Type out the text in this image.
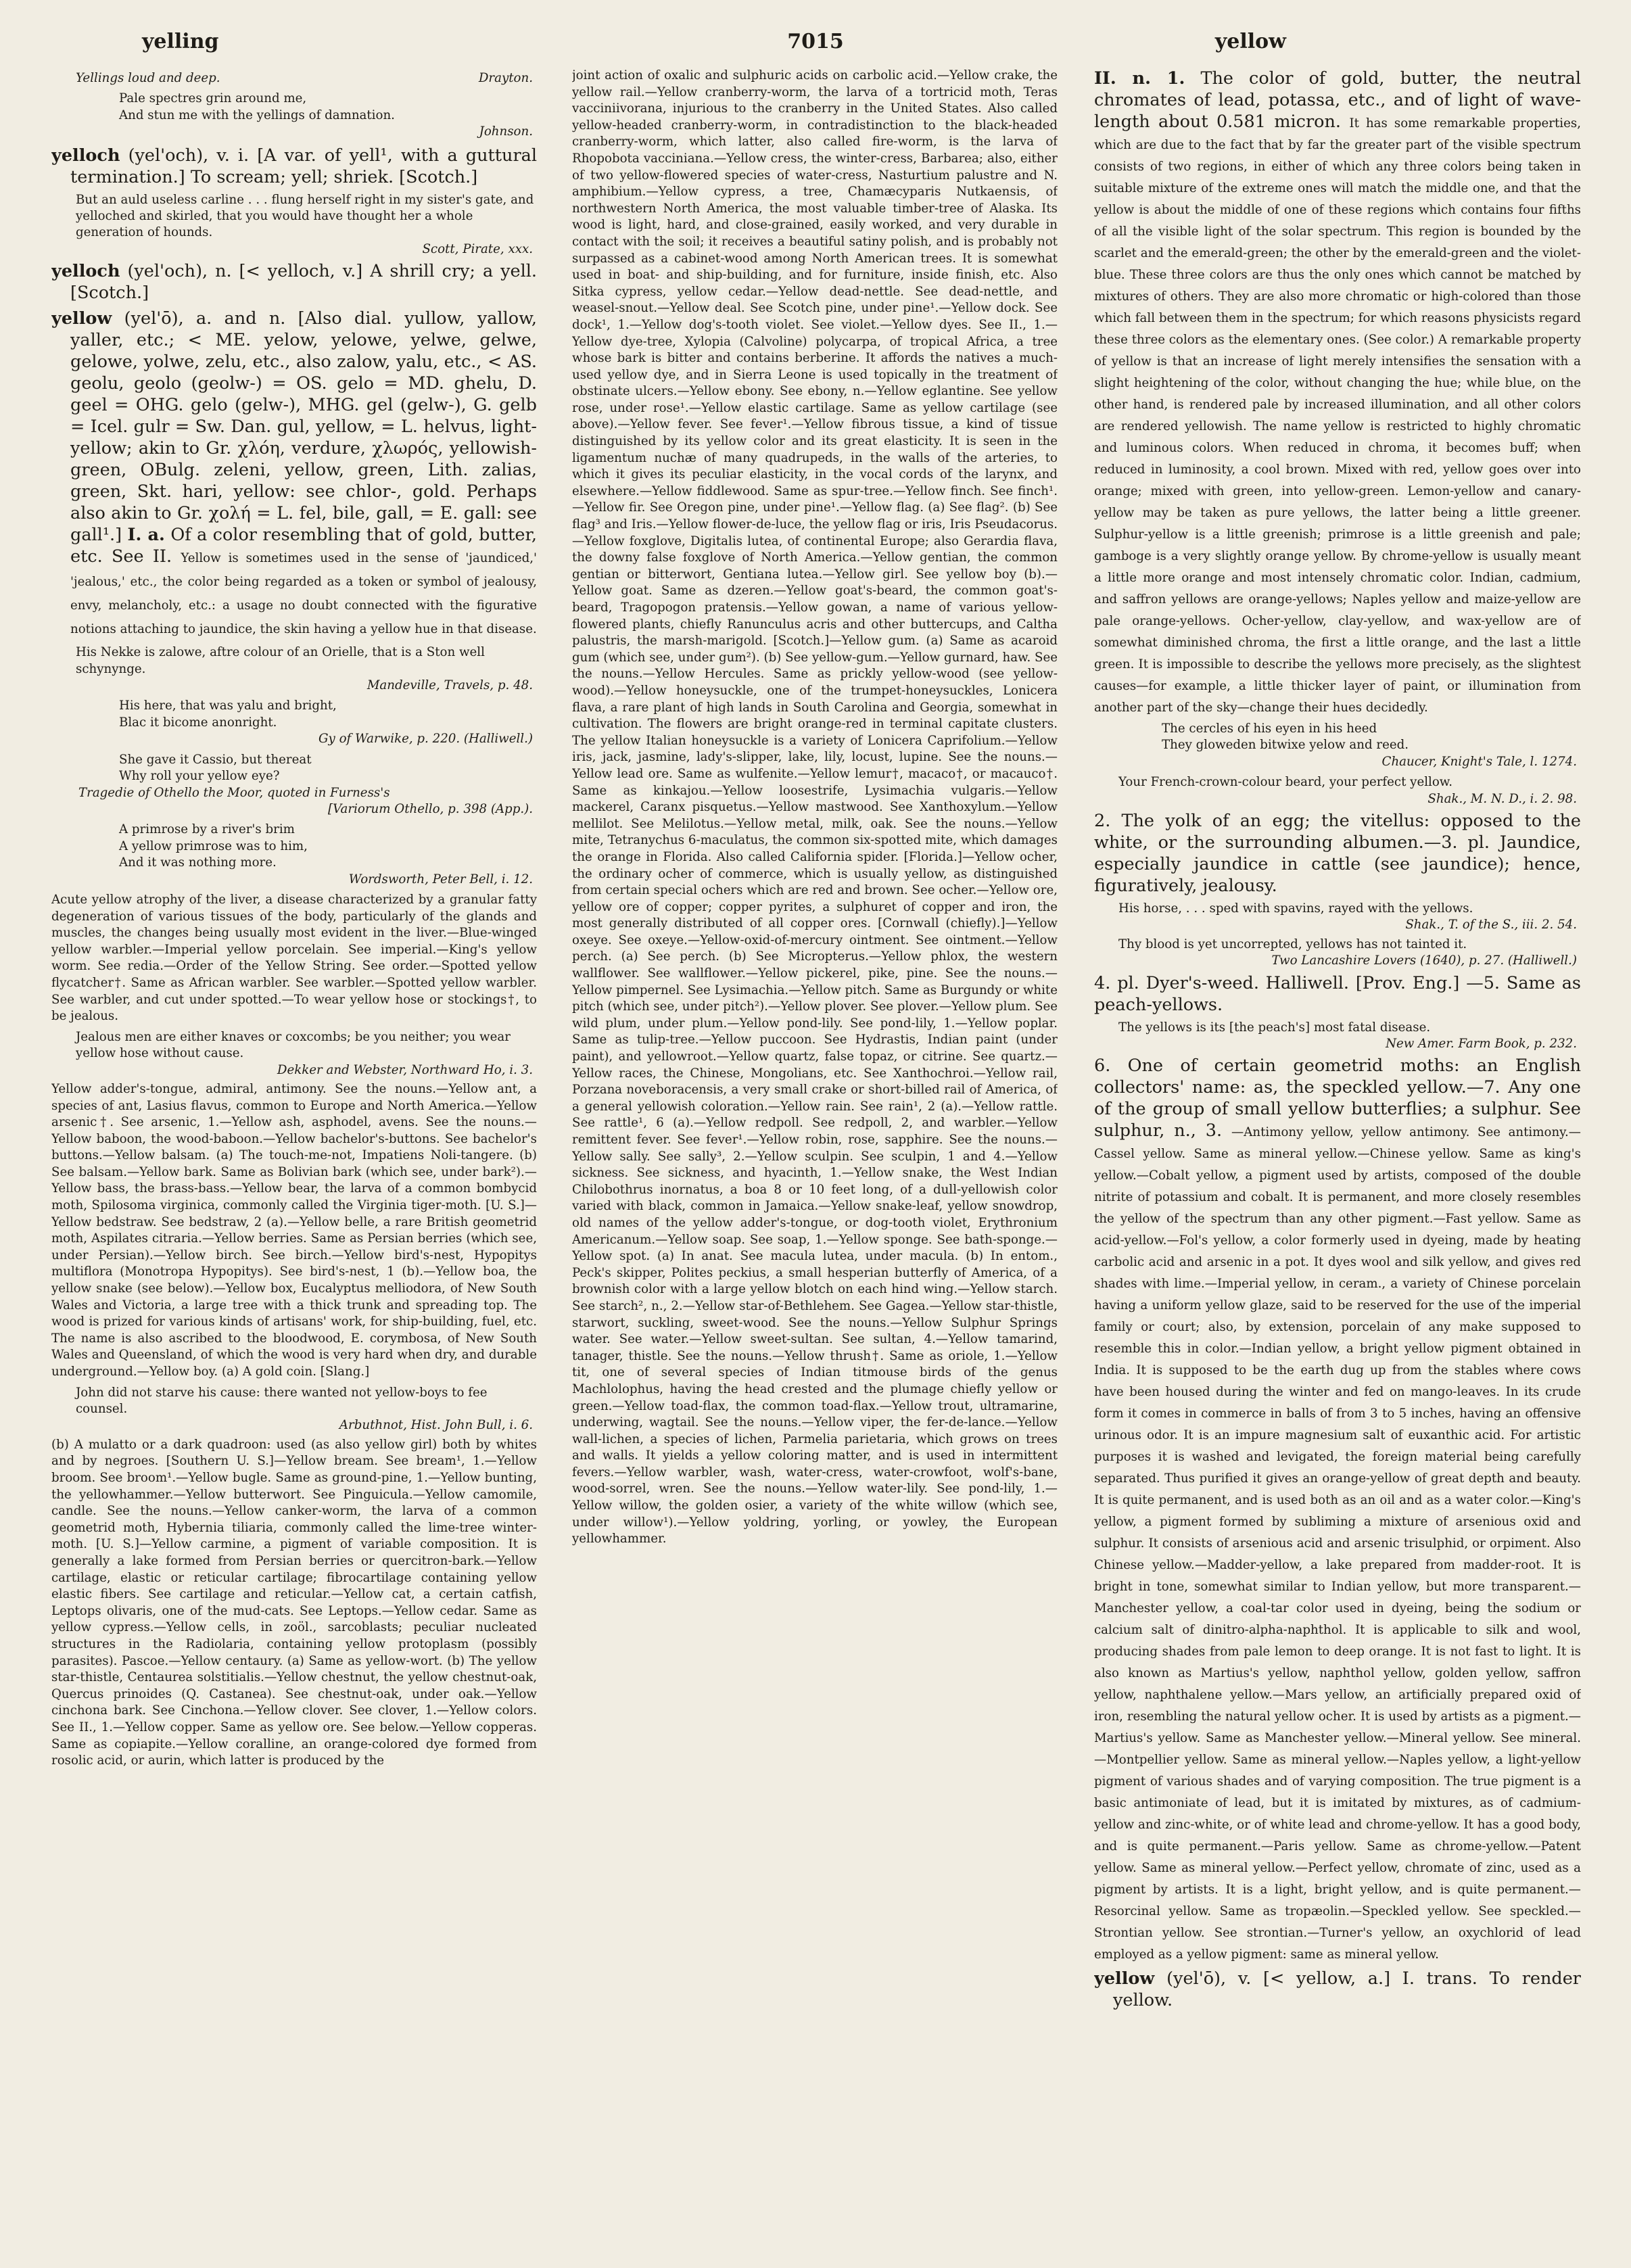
yelling	7015	yellow
Yellings loud and deep.	Drayton.
Pale spectres grin around me,
And stun me with the yellings of damnation.
Johnson.

yelloch (yel'och), v. i. [A var. of yell¹, with a guttural termination.] To scream; yell; shriek. [Scotch.]

But an auld useless carline . . . flung herself right in my sister's gate, and yelloched and skirled, that you would have thought her a whole generation of hounds.
Scott, Pirate, xxx.

yelloch (yel'och), n. [< yelloch, v.] A shrill cry; a yell. [Scotch.]

yellow (yel'ō), a. and n. [Also dial. yullow, yallow, yaller, etc.; < ME. yelow, yelowe, yelwe, gelwe, gelowe, yolwe, zelu, etc., also zalow, yalu, etc., < AS. geolu, geolo (geolw-) = OS. gelo = MD. ghelu, D. geel = OHG. gelo (gelw-), MHG. gel (gelw-), G. gelb = Icel. gulr = Sw. Dan. gul, yellow, = L. helvus, light-yellow; akin to Gr. χλόη, verdure, χλωρός, yellowish-green, OBulg. zeleni, yellow, green, Lith. zalias, green, Skt. hari, yellow: see chlor-, gold. Perhaps also akin to Gr. χολή = L. fel, bile, gall, = E. gall: see gall¹.] I. a. Of a color resembling that of gold, butter, etc. See II. Yellow is sometimes used in the sense of 'jaundiced,' 'jealous,' etc., the color being regarded as a token or symbol of jealousy, envy, melancholy, etc.: a usage no doubt connected with the figurative notions attaching to jaundice, the skin having a yellow hue in that disease.

His Nekke is zalowe, aftre colour of an Orielle, that is a Ston well schynynge.
Mandeville, Travels, p. 48.
His here, that was yalu and bright,
Blac it bicome anonright.
Gy of Warwike, p. 220. (Halliwell.)
She gave it Cassio, but thereat
Why roll your yellow eye?
Tragedie of Othello the Moor, quoted in Furness's
[Variorum Othello, p. 398 (App.).
A primrose by a river's brim
A yellow primrose was to him,
And it was nothing more.
Wordsworth, Peter Bell, i. 12.

Acute yellow atrophy of the liver, a disease characterized by a granular fatty degeneration of various tissues of the body, particularly of the glands and muscles, the changes being usually most evident in the liver.—Blue-winged yellow warbler.—Imperial yellow porcelain. See imperial.—King's yellow worm. See redia.—Order of the Yellow String. See order.—Spotted yellow flycatcher†. Same as African warbler. See warbler.—Spotted yellow warbler. See warbler, and cut under spotted.—To wear yellow hose or stockings†, to be jealous.

Jealous men are either knaves or coxcombs; be you neither; you wear yellow hose without cause.
Dekker and Webster, Northward Ho, i. 3.

Yellow adder's-tongue, admiral, antimony. See the nouns.—Yellow ant, a species of ant, Lasius flavus, common to Europe and North America.—Yellow arsenic†. See arsenic, 1.—Yellow ash, asphodel, avens. See the nouns.—Yellow baboon, the wood-baboon.—Yellow bachelor's-buttons. See bachelor's buttons.—Yellow balsam. (a) The touch-me-not, Impatiens Noli-tangere. (b) See balsam.—Yellow bark. Same as Bolivian bark (which see, under bark²).—Yellow bass, the brass-bass.—Yellow bear, the larva of a common bombycid moth, Spilosoma virginica, commonly called the Virginia tiger-moth. [U. S.]—Yellow bedstraw. See bedstraw, 2 (a).—Yellow belle, a rare British geometrid moth, Aspilates citraria.—Yellow berries. Same as Persian berries (which see, under Persian).—Yellow birch. See birch.—Yellow bird's-nest, Hypopitys multiflora (Monotropa Hypopitys). See bird's-nest, 1 (b).—Yellow boa, the yellow snake (see below).—Yellow box, Eucalyptus melliodora, of New South Wales and Victoria, a large tree with a thick trunk and spreading top. The wood is prized for various kinds of artisans' work, for ship-building, fuel, etc. The name is also ascribed to the bloodwood, E. corymbosa, of New South Wales and Queensland, of which the wood is very hard when dry, and durable underground.—Yellow boy. (a) A gold coin. [Slang.]

John did not starve his cause: there wanted not yellow-boys to fee counsel.
Arbuthnot, Hist. John Bull, i. 6.

(b) A mulatto or a dark quadroon: used (as also yellow girl) both by whites and by negroes. [Southern U. S.]—Yellow bream. See bream¹, 1.—Yellow broom. See broom¹.—Yellow bugle. Same as ground-pine, 1.—Yellow bunting, the yellowhammer.—Yellow butterwort. See Pinguicula.—Yellow camomile, candle. See the nouns.—Yellow canker-worm, the larva of a common geometrid moth, Hybernia tiliaria, commonly called the lime-tree winter-moth. [U. S.]—Yellow carmine, a pigment of variable composition. It is generally a lake formed from Persian berries or quercitron-bark.—Yellow cartilage, elastic or reticular cartilage; fibrocartilage containing yellow elastic fibers. See cartilage and reticular.—Yellow cat, a certain catfish, Leptops olivaris, one of the mud-cats. See Leptops.—Yellow cedar. Same as yellow cypress.—Yellow cells, in zoöl., sarcoblasts; peculiar nucleated structures in the Radiolaria, containing yellow protoplasm (possibly parasites). Pascoe.—Yellow centaury. (a) Same as yellow-wort. (b) The yellow star-thistle, Centaurea solstitialis.—Yellow chestnut, the yellow chestnut-oak, Quercus prinoides (Q. Castanea). See chestnut-oak, under oak.—Yellow cinchona bark. See Cinchona.—Yellow clover. See clover, 1.—Yellow colors. See II., 1.—Yellow copper. Same as yellow ore. See below.—Yellow copperas. Same as copiapite.—Yellow coralline, an orange-colored dye formed from rosolic acid, or aurin, which latter is produced by the

joint action of oxalic and sulphuric acids on carbolic acid.—Yellow crake, the yellow rail.—Yellow cranberry-worm, the larva of a tortricid moth, Teras vacciniivorana, injurious to the cranberry in the United States. Also called yellow-headed cranberry-worm, in contradistinction to the black-headed cranberry-worm, which latter, also called fire-worm, is the larva of Rhopobota vacciniana.—Yellow cress, the winter-cress, Barbarea; also, either of two yellow-flowered species of water-cress, Nasturtium palustre and N. amphibium.—Yellow cypress, a tree, Chamæcyparis Nutkaensis, of northwestern North America, the most valuable timber-tree of Alaska. Its wood is light, hard, and close-grained, easily worked, and very durable in contact with the soil; it receives a beautiful satiny polish, and is probably not surpassed as a cabinet-wood among North American trees. It is somewhat used in boat- and ship-building, and for furniture, inside finish, etc. Also Sitka cypress, yellow cedar.—Yellow dead-nettle. See dead-nettle, and weasel-snout.—Yellow deal. See Scotch pine, under pine¹.—Yellow dock. See dock¹, 1.—Yellow dog's-tooth violet. See violet.—Yellow dyes. See II., 1.—Yellow dye-tree, Xylopia (Calvoline) polycarpa, of tropical Africa, a tree whose bark is bitter and contains berberine. It affords the natives a much-used yellow dye, and in Sierra Leone is used topically in the treatment of obstinate ulcers.—Yellow ebony. See ebony, n.—Yellow eglantine. See yellow rose, under rose¹.—Yellow elastic cartilage. Same as yellow cartilage (see above).—Yellow fever. See fever¹.—Yellow fibrous tissue, a kind of tissue distinguished by its yellow color and its great elasticity. It is seen in the ligamentum nuchæ of many quadrupeds, in the walls of the arteries, to which it gives its peculiar elasticity, in the vocal cords of the larynx, and elsewhere.—Yellow fiddlewood. Same as spur-tree.—Yellow finch. See finch¹.—Yellow fir. See Oregon pine, under pine¹.—Yellow flag. (a) See flag². (b) See flag³ and Iris.—Yellow flower-de-luce, the yellow flag or iris, Iris Pseudacorus.—Yellow foxglove, Digitalis lutea, of continental Europe; also Gerardia flava, the downy false foxglove of North America.—Yellow gentian, the common gentian or bitterwort, Gentiana lutea.—Yellow girl. See yellow boy (b).—Yellow goat. Same as dzeren.—Yellow goat's-beard, the common goat's-beard, Tragopogon pratensis.—Yellow gowan, a name of various yellow-flowered plants, chiefly Ranunculus acris and other buttercups, and Caltha palustris, the marsh-marigold. [Scotch.]—Yellow gum. (a) Same as acaroid gum (which see, under gum²). (b) See yellow-gum.—Yellow gurnard, haw. See the nouns.—Yellow Hercules. Same as prickly yellow-wood (see yellow-wood).—Yellow honeysuckle, one of the trumpet-honeysuckles, Lonicera flava, a rare plant of high lands in South Carolina and Georgia, somewhat in cultivation. The flowers are bright orange-red in terminal capitate clusters. The yellow Italian honeysuckle is a variety of Lonicera Caprifolium.—Yellow iris, jack, jasmine, lady's-slipper, lake, lily, locust, lupine. See the nouns.—Yellow lead ore. Same as wulfenite.—Yellow lemur†, macaco†, or macauco†. Same as kinkajou.—Yellow loosestrife, Lysimachia vulgaris.—Yellow mackerel, Caranx pisquetus.—Yellow mastwood. See Xanthoxylum.—Yellow mellilot. See Melilotus.—Yellow metal, milk, oak. See the nouns.—Yellow mite, Tetranychus 6-maculatus, the common six-spotted mite, which damages the orange in Florida. Also called California spider. [Florida.]—Yellow ocher, the ordinary ocher of commerce, which is usually yellow, as distinguished from certain special ochers which are red and brown. See ocher.—Yellow ore, yellow ore of copper; copper pyrites, a sulphuret of copper and iron, the most generally distributed of all copper ores. [Cornwall (chiefly).]—Yellow oxeye. See oxeye.—Yellow-oxid-of-mercury ointment. See ointment.—Yellow perch. (a) See perch. (b) See Micropterus.—Yellow phlox, the western wallflower. See wallflower.—Yellow pickerel, pike, pine. See the nouns.—Yellow pimpernel. See Lysimachia.—Yellow pitch. Same as Burgundy or white pitch (which see, under pitch²).—Yellow plover. See plover.—Yellow plum. See wild plum, under plum.—Yellow pond-lily. See pond-lily, 1.—Yellow poplar. Same as tulip-tree.—Yellow puccoon. See Hydrastis, Indian paint (under paint), and yellowroot.—Yellow quartz, false topaz, or citrine. See quartz.—Yellow races, the Chinese, Mongolians, etc. See Xanthochroi.—Yellow rail, Porzana noveboracensis, a very small crake or short-billed rail of America, of a general yellowish coloration.—Yellow rain. See rain¹, 2 (a).—Yellow rattle. See rattle¹, 6 (a).—Yellow redpoll. See redpoll, 2, and warbler.—Yellow remittent fever. See fever¹.—Yellow robin, rose, sapphire. See the nouns.—Yellow sally. See sally³, 2.—Yellow sculpin. See sculpin, 1 and 4.—Yellow sickness. See sickness, and hyacinth, 1.—Yellow snake, the West Indian Chilobothrus inornatus, a boa 8 or 10 feet long, of a dull-yellowish color varied with black, common in Jamaica.—Yellow snake-leaf, yellow snowdrop, old names of the yellow adder's-tongue, or dog-tooth violet, Erythronium Americanum.—Yellow soap. See soap, 1.—Yellow sponge. See bath-sponge.—Yellow spot. (a) In anat. See macula lutea, under macula. (b) In entom., Peck's skipper, Polites peckius, a small hesperian butterfly of America, of a brownish color with a large yellow blotch on each hind wing.—Yellow starch. See starch², n., 2.—Yellow star-of-Bethlehem. See Gagea.—Yellow star-thistle, starwort, suckling, sweet-wood. See the nouns.—Yellow Sulphur Springs water. See water.—Yellow sweet-sultan. See sultan, 4.—Yellow tamarind, tanager, thistle. See the nouns.—Yellow thrush†. Same as oriole, 1.—Yellow tit, one of several species of Indian titmouse birds of the genus Machlolophus, having the head crested and the plumage chiefly yellow or green.—Yellow toad-flax, the common toad-flax.—Yellow trout, ultramarine, underwing, wagtail. See the nouns.—Yellow viper, the fer-de-lance.—Yellow wall-lichen, a species of lichen, Parmelia parietaria, which grows on trees and walls. It yields a yellow coloring matter, and is used in intermittent fevers.—Yellow warbler, wash, water-cress, water-crowfoot, wolf's-bane, wood-sorrel, wren. See the nouns.—Yellow water-lily. See pond-lily, 1.—Yellow willow, the golden osier, a variety of the white willow (which see, under willow¹).—Yellow yoldring, yorling, or yowley, the European yellowhammer.

II. n. 1. The color of gold, butter, the neutral chromates of lead, potassa, etc., and of light of wave-length about 0.581 micron. It has some remarkable properties, which are due to the fact that by far the greater part of the visible spectrum consists of two regions, in either of which any three colors being taken in suitable mixture of the extreme ones will match the middle one, and that the yellow is about the middle of one of these regions which contains four fifths of all the visible light of the solar spectrum. This region is bounded by the scarlet and the emerald-green; the other by the emerald-green and the violet-blue. These three colors are thus the only ones which cannot be matched by mixtures of others. They are also more chromatic or high-colored than those which fall between them in the spectrum; for which reasons physicists regard these three colors as the elementary ones. (See color.) A remarkable property of yellow is that an increase of light merely intensifies the sensation with a slight heightening of the color, without changing the hue; while blue, on the other hand, is rendered pale by increased illumination, and all other colors are rendered yellowish. The name yellow is restricted to highly chromatic and luminous colors. When reduced in chroma, it becomes buff; when reduced in luminosity, a cool brown. Mixed with red, yellow goes over into orange; mixed with green, into yellow-green. Lemon-yellow and canary-yellow may be taken as pure yellows, the latter being a little greener. Sulphur-yellow is a little greenish; primrose is a little greenish and pale; gamboge is a very slightly orange yellow. By chrome-yellow is usually meant a little more orange and most intensely chromatic color. Indian, cadmium, and saffron yellows are orange-yellows; Naples yellow and maize-yellow are pale orange-yellows. Ocher-yellow, clay-yellow, and wax-yellow are of somewhat diminished chroma, the first a little orange, and the last a little green. It is impossible to describe the yellows more precisely, as the slightest causes—for example, a little thicker layer of paint, or illumination from another part of the sky—change their hues decidedly.

The cercles of his eyen in his heed
They gloweden bitwixe yelow and reed.
Chaucer, Knight's Tale, l. 1274.
Your French-crown-colour beard, your perfect yellow.
Shak., M. N. D., i. 2. 98.

2. The yolk of an egg; the vitellus: opposed to the white, or the surrounding albumen.—3. pl. Jaundice, especially jaundice in cattle (see jaundice); hence, figuratively, jealousy.

His horse, . . . sped with spavins, rayed with the yellows.
Shak., T. of the S., iii. 2. 54.
Thy blood is yet uncorrepted, yellows has not tainted it.
Two Lancashire Lovers (1640), p. 27. (Halliwell.)

4. pl. Dyer's-weed. Halliwell. [Prov. Eng.] —5. Same as peach-yellows.

The yellows is its [the peach's] most fatal disease.
New Amer. Farm Book, p. 232.

6. One of certain geometrid moths: an English collectors' name: as, the speckled yellow.—7. Any one of the group of small yellow butterflies; a sulphur. See sulphur, n., 3. —Antimony yellow, yellow antimony. See antimony.—Cassel yellow. Same as mineral yellow.—Chinese yellow. Same as king's yellow.—Cobalt yellow, a pigment used by artists, composed of the double nitrite of potassium and cobalt. It is permanent, and more closely resembles the yellow of the spectrum than any other pigment.—Fast yellow. Same as acid-yellow.—Fol's yellow, a color formerly used in dyeing, made by heating carbolic acid and arsenic in a pot. It dyes wool and silk yellow, and gives red shades with lime.—Imperial yellow, in ceram., a variety of Chinese porcelain having a uniform yellow glaze, said to be reserved for the use of the imperial family or court; also, by extension, porcelain of any make supposed to resemble this in color.—Indian yellow, a bright yellow pigment obtained in India. It is supposed to be the earth dug up from the stables where cows have been housed during the winter and fed on mango-leaves. In its crude form it comes in commerce in balls of from 3 to 5 inches, having an offensive urinous odor. It is an impure magnesium salt of euxanthic acid. For artistic purposes it is washed and levigated, the foreign material being carefully separated. Thus purified it gives an orange-yellow of great depth and beauty. It is quite permanent, and is used both as an oil and as a water color.—King's yellow, a pigment formed by subliming a mixture of arsenious oxid and sulphur. It consists of arsenious acid and arsenic trisulphid, or orpiment. Also Chinese yellow.—Madder-yellow, a lake prepared from madder-root. It is bright in tone, somewhat similar to Indian yellow, but more transparent.—Manchester yellow, a coal-tar color used in dyeing, being the sodium or calcium salt of dinitro-alpha-naphthol. It is applicable to silk and wool, producing shades from pale lemon to deep orange. It is not fast to light. It is also known as Martius's yellow, naphthol yellow, golden yellow, saffron yellow, naphthalene yellow.—Mars yellow, an artificially prepared oxid of iron, resembling the natural yellow ocher. It is used by artists as a pigment.—Martius's yellow. Same as Manchester yellow.—Mineral yellow. See mineral.—Montpellier yellow. Same as mineral yellow.—Naples yellow, a light-yellow pigment of various shades and of varying composition. The true pigment is a basic antimoniate of lead, but it is imitated by mixtures, as of cadmium-yellow and zinc-white, or of white lead and chrome-yellow. It has a good body, and is quite permanent.—Paris yellow. Same as chrome-yellow.—Patent yellow. Same as mineral yellow.—Perfect yellow, chromate of zinc, used as a pigment by artists. It is a light, bright yellow, and is quite permanent.—Resorcinal yellow. Same as tropæolin.—Speckled yellow. See speckled.—Strontian yellow. See strontian.—Turner's yellow, an oxychlorid of lead employed as a yellow pigment: same as mineral yellow.

yellow (yel'ō), v. [< yellow, a.] I. trans. To render yellow.
